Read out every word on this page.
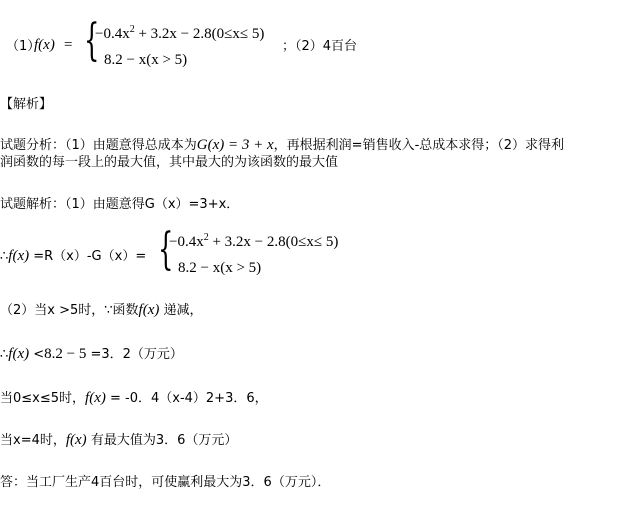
（1）
f(x) = {
$-0.4x^2 + 3.2x - 2.8(0\le x\le 5)$
8.2 − x(x > 5)
；（2）4百台
【解析】
试题分析：（1）由题意得总成本为G(x) = 3 + x，再根据利润=销售收入-总成本求得；（2）求得利
润函数的每一段上的最大值，其中最大的为该函数的最大值
试题解析：（1）由题意得G（x）=3+x．
∴f(x) =R（x）-G（x）= {
$-0.4x^2 + 3.2x - 2.8(0\le x\le 5)$
8.2 − x(x > 5)
（2）当x >5时，∵函数f(x) 递减，
∴f(x) <8.2 − 5 =3．2（万元）
当0≤x≤5时，f(x) = -0．4（x-4）2+3．6，
当x=4时，f(x) 有最大值为3．6（万元）
答：当工厂生产4百台时，可使赢利最大为3．6（万元）．
